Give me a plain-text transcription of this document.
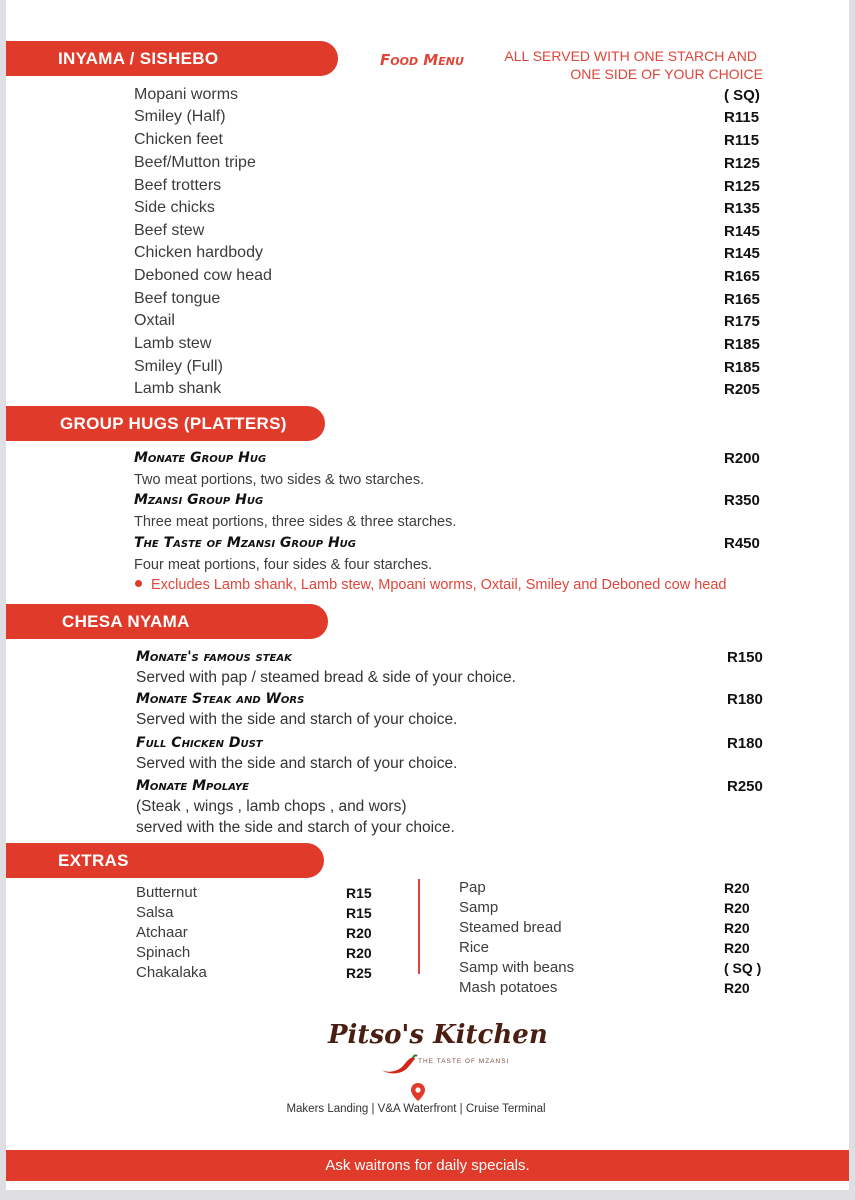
INYAMA / SISHEBO	Food Menu	ALL SERVED WITH ONE STARCH AND
ONE SIDE OF YOUR CHOICE
Mopani worms	( SQ)
Smiley (Half)	R115
Chicken feet	R115
Beef/Mutton tripe	R125
Beef trotters	R125
Side chicks	R135
Beef stew	R145
Chicken hardbody	R145
Deboned cow head	R165
Beef tongue	R165
Oxtail	R175
Lamb stew	R185
Smiley (Full)	R185
Lamb shank	R205
GROUP HUGS (PLATTERS)
Monate Group Hug	R200
Two meat portions, two sides & two starches.
Mzansi Group Hug	R350
Three meat portions, three sides & three starches.
The Taste of Mzansi Group Hug	R450
Four meat portions, four sides & four starches.
Excludes Lamb shank, Lamb stew, Mpoani worms, Oxtail, Smiley and Deboned cow head
CHESA NYAMA
Monate's famous steak	R150
Served with pap / steamed bread & side of your choice.
Monate Steak and Wors	R180
Served with the side and starch of your choice.
Full Chicken Dust	R180
Served with the side and starch of your choice.
Monate Mpolaye	R250
(Steak , wings , lamb chops , and wors)
served with the side and starch of your choice.
EXTRAS
Butternut	R15
Salsa	R15
Atchaar	R20
Spinach	R20
Chakalaka	R25
Pap	R20
Samp	R20
Steamed bread	R20
Rice	R20
Samp with beans	( SQ )
Mash potatoes	R20
Pitso's Kitchen
THE TASTE OF MZANSI
Makers Landing | V&A Waterfront | Cruise Terminal
Ask waitrons for daily specials.
